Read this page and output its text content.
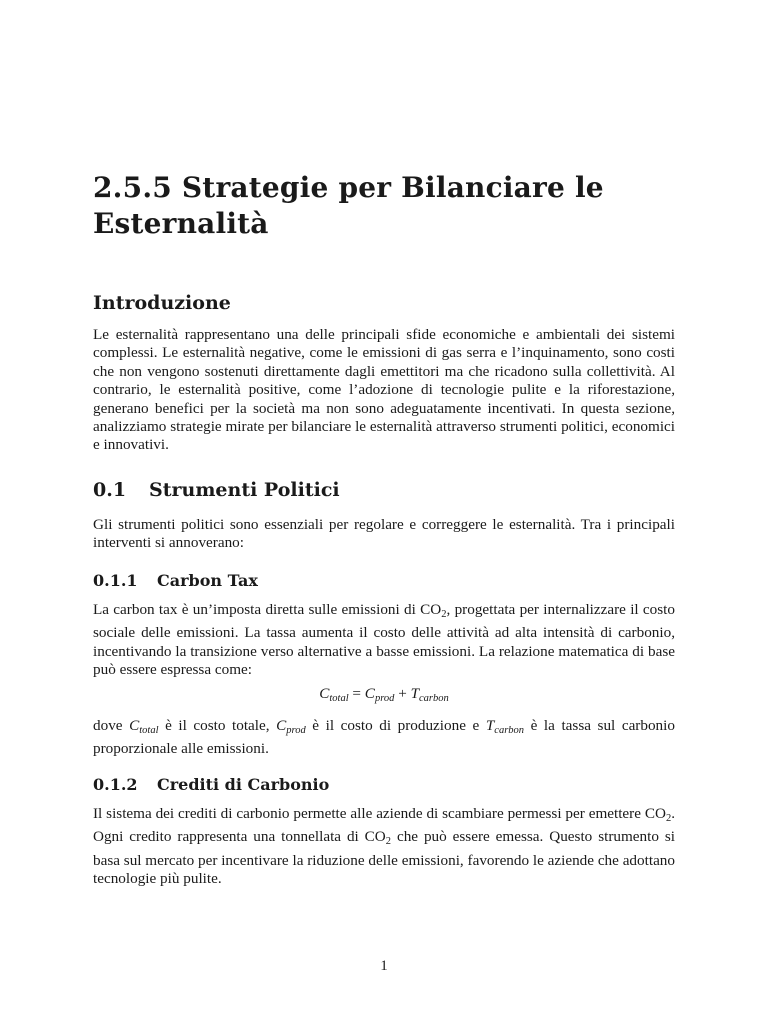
2.5.5 Strategie per Bilanciare le Esternalità
Introduzione

Le esternalità rappresentano una delle principali sfide economiche e ambientali dei sistemi complessi. Le esternalità negative, come le emissioni di gas serra e l’inquinamento, sono costi che non vengono sostenuti direttamente dagli emettitori ma che ricadono sulla collettività. Al contrario, le esternalità positive, come l’adozione di tecnologie pulite e la riforestazione, generano benefici per la società ma non sono adeguatamente incentivati. In questa sezione, analizziamo strategie mirate per bilanciare le esternalità attraverso strumenti politici, economici e innovativi.

0.1 Strumenti Politici

Gli strumenti politici sono essenziali per regolare e correggere le esternalità. Tra i principali interventi si annoverano:

0.1.1 Carbon Tax

La carbon tax è un’imposta diretta sulle emissioni di CO2, progettata per internalizzare il costo sociale delle emissioni. La tassa aumenta il costo delle attività ad alta intensità di carbonio, incentivando la transizione verso alternative a basse emissioni. La relazione matematica di base può essere espressa come:

$C_{total} = C_{prod} + T_{carbon}$

dove $C_{total}$ è il costo totale, $C_{prod}$ è il costo di produzione e $T_{carbon}$ è la tassa sul carbonio proporzionale alle emissioni.

0.1.2 Crediti di Carbonio

Il sistema dei crediti di carbonio permette alle aziende di scambiare permessi per emettere CO2. Ogni credito rappresenta una tonnellata di CO2 che può essere emessa. Questo strumento si basa sul mercato per incentivare la riduzione delle emissioni, favorendo le aziende che adottano tecnologie più pulite.

1
